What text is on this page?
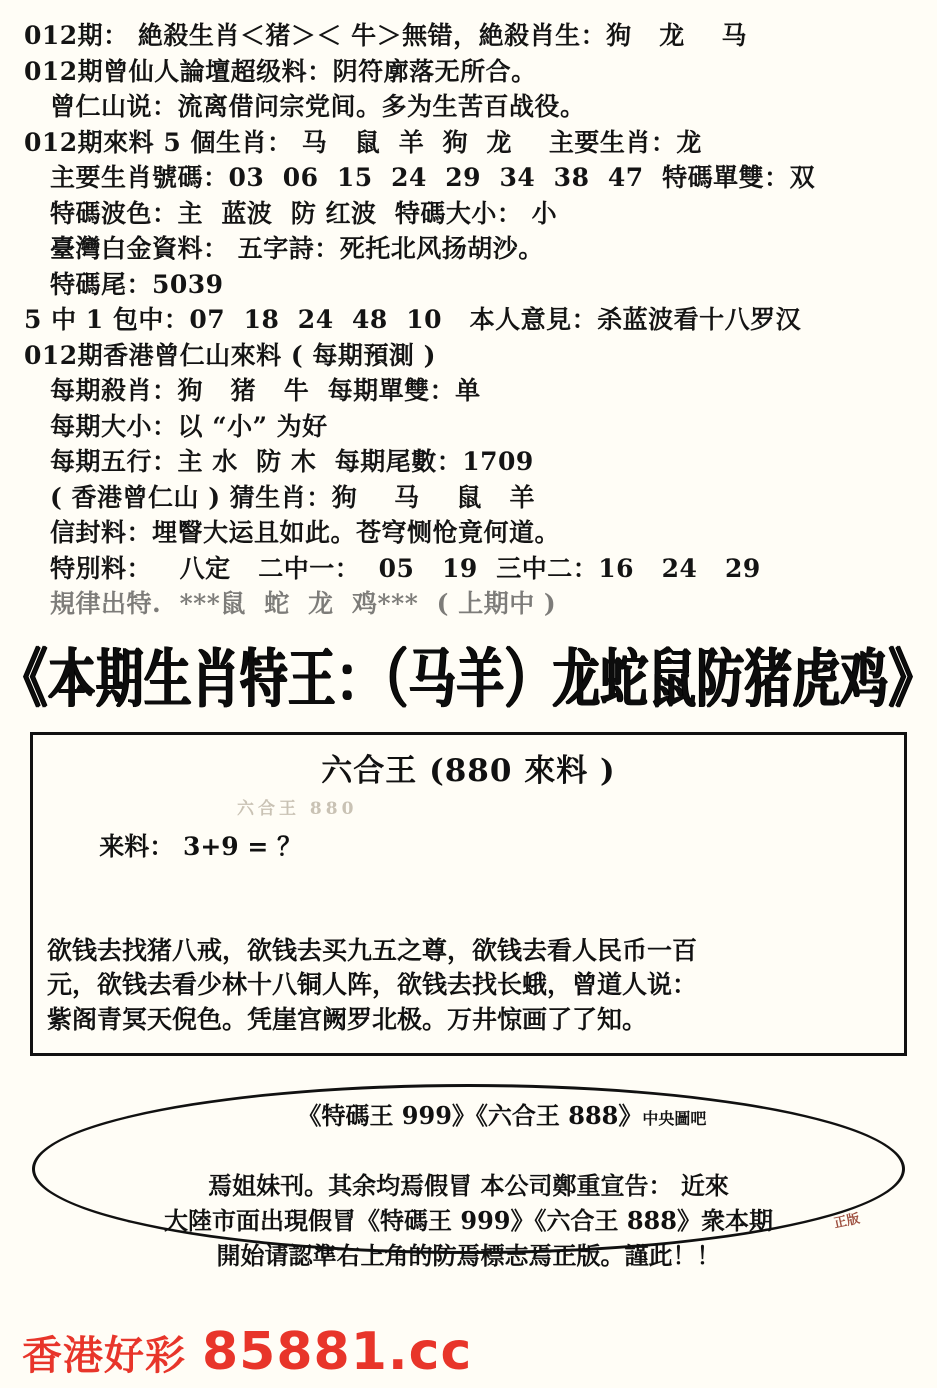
012期： 絶殺生肖＜猪＞＜ 牛＞無错，絶殺肖生：狗   龙    马
012期曾仙人論壇超级料：阴符廓落无所合。
曾仁山说：流离借问宗党间。多为生苦百战役。
012期來料 5 個生肖： 马   鼠  羊  狗  龙    主要生肖：龙
主要生肖號碼：03  06  15  24  29  34  38  47  特碼單雙：双
特碼波色：主  蓝波  防 红波  特碼大小： 小
臺灣白金資料： 五字詩：死托北风扬胡沙。
特碼尾：5039
5 中 1 包中：07  18  24  48  10   本人意見：杀蓝波看十八罗汉
012期香港曾仁山來料 ( 每期預測 )
每期殺肖：狗   猪   牛  每期單雙：单
每期大小：以 “小” 为好
每期五行：主 水  防 木  每期尾數：1709
( 香港曾仁山 ) 猜生肖：狗    马    鼠   羊
信封料：埋瞖大运且如此。苍穹恻怆竟何道。
特別料：   八定   二中一：  05   19  三中二：16   24   29
規律出特.  ***鼠  蛇  龙  鸡***  ( 上期中 )
《本期生肖特王：（马羊）龙蛇鼠防猪虎鸡》
六合王 (880 來料 )

来料： 3+9 = ？

六合王 880

欲钱去找猪八戒，欲钱去买九五之尊，欲钱去看人民币一百
元，欲钱去看少林十八铜人阵，欲钱去找长蛾，曾道人说：
紫阁青冥天倪色。凭崖宫阙罗北极。万井惊画了了知。

《特碼王 999》《六合王 888》中央圖吧

焉姐妹刊。其余均焉假冒 本公司鄭重宣告： 近來
大陸市面出現假冒《特碼王 999》《六合王 888》衆本期
開始请認準右上角的防焉標志焉正版。謹此！！
正版
香港好彩 85881.cc
